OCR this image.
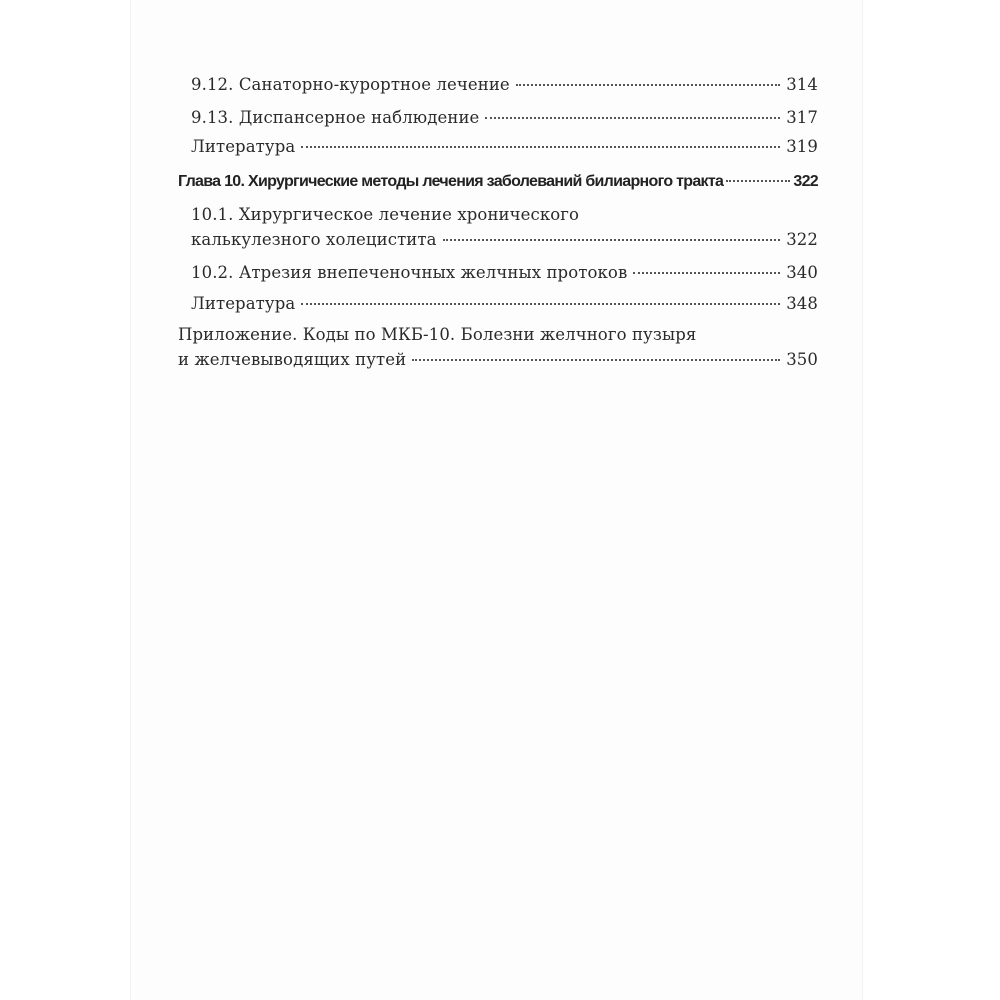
9.12. Санаторно-курортное лечение	314
9.13. Диспансерное наблюдение	317
Литература	319
Глава 10. Хирургические методы лечения заболеваний билиарного тракта	322
10.1. Хирургическое лечение хронического
калькулезного холецистита	322
10.2. Атрезия внепеченочных желчных протоков	340
Литература	348
Приложение. Коды по МКБ-10. Болезни желчного пузыря
и желчевыводящих путей	350
